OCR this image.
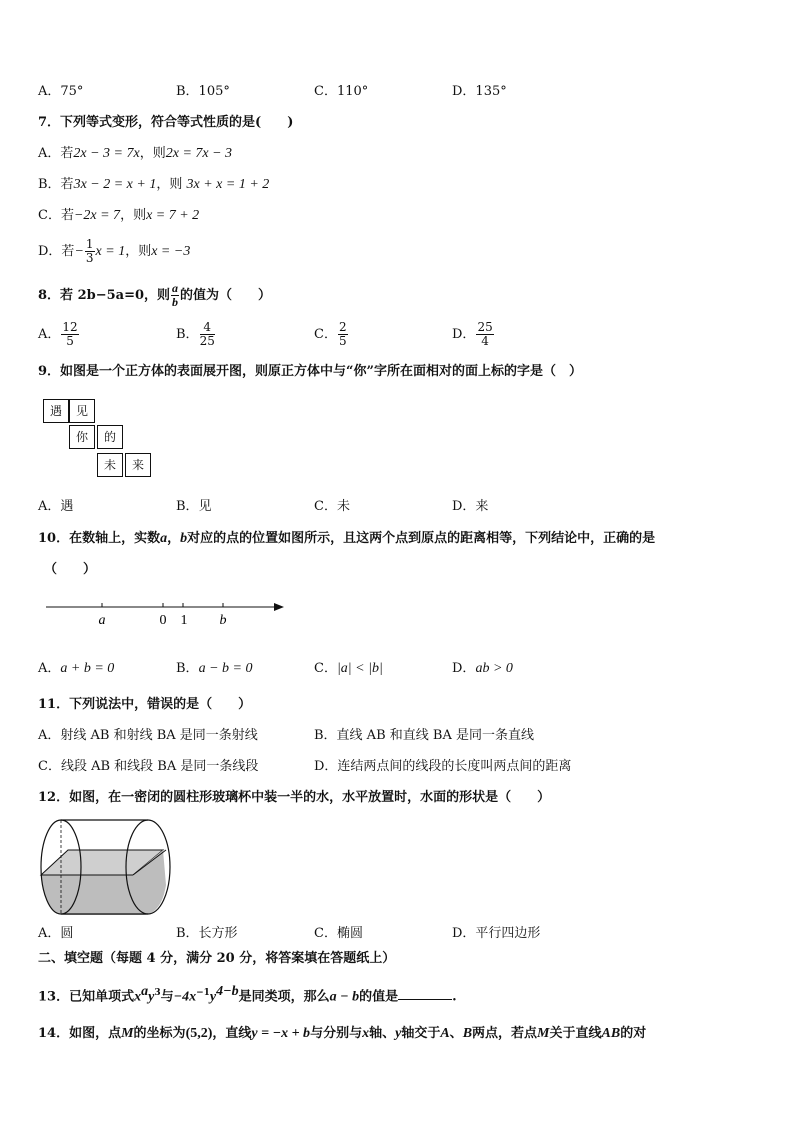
A．75°	B．105°	C．110°	D．135°
7．下列等式变形，符合等式性质的是(　　)
A．若2x − 3 = 7x，则2x = 7x − 3
B．若3x − 2 = x + 1，则 3x + x = 1 + 2
C．若−2x = 7，则x = 7 + 2
D．若− $\frac{1}{3}$ x = 1，则x = −3
8．若 2b−5a=0，则 $\frac{a}{b}$ 的值为（　　）
A． $\frac{12}{5}$	B． $\frac{4}{25}$	C． $\frac{2}{5}$	D． $\frac{25}{4}$
9．如图是一个正方体的表面展开图，则原正方体中与“你”字所在面相对的面上标的字是（　）
遇	见
你	的
未	来
A．遇	B．见	C．未	D．来
10．在数轴上，实数a，b对应的点的位置如图所示，且这两个点到原点的距离相等，下列结论中，正确的是
（　　）
a	0 1 b
A．a + b = 0	B．a − b = 0	C．|a| < |b|	D．ab > 0
11．下列说法中，错误的是（　　）
A．射线 AB 和射线 BA 是同一条射线	B．直线 AB 和直线 BA 是同一条直线
C．线段 AB 和线段 BA 是同一条线段	D．连结两点间的线段的长度叫两点间的距离
12．如图，在一密闭的圆柱形玻璃杯中装一半的水，水平放置时，水面的形状是（　　）
A．圆	B．长方形	C．椭圆	D．平行四边形
二、填空题（每题 4 分，满分 20 分，将答案填在答题纸上）
13．已知单项式$x^ay^3$与$-4x^{-1}y^{4-b}$是同类项，那么a − b的值是	.
14．如图，点M的坐标为(5,2)，直线y = −x + b与分别与x轴、y轴交于A、B两点，若点M关于直线AB的对
